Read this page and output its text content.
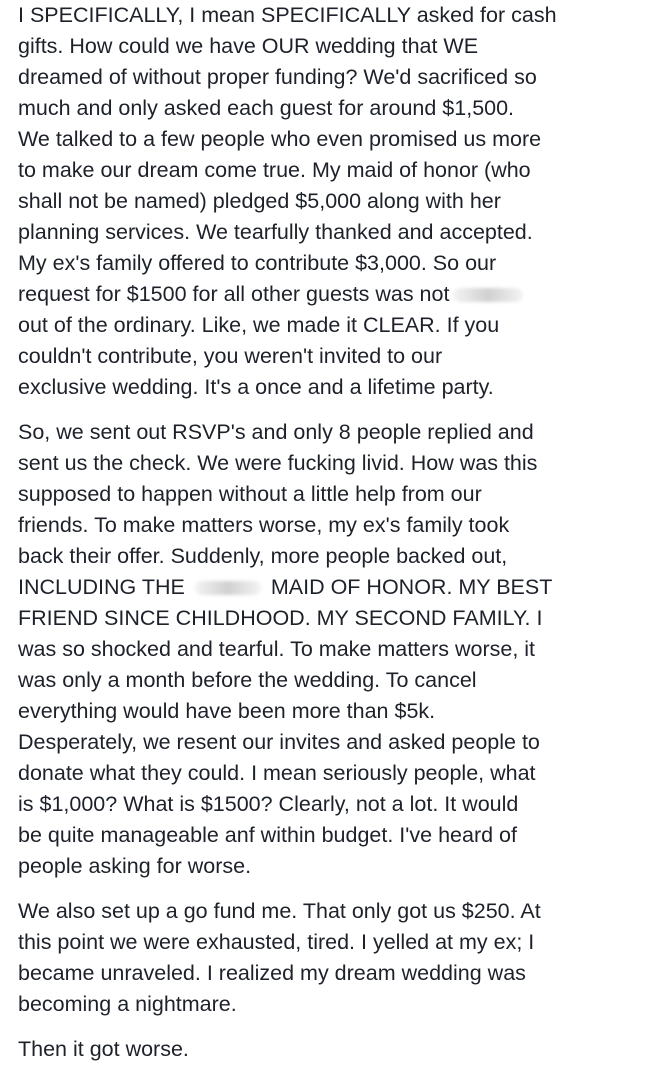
I SPECIFICALLY, I mean SPECIFICALLY asked for cash
gifts. How could we have OUR wedding that WE
dreamed of without proper funding? We'd sacrificed so
much and only asked each guest for around $1,500.
We talked to a few people who even promised us more
to make our dream come true. My maid of honor (who
shall not be named) pledged $5,000 along with her
planning services. We tearfully thanked and accepted.
My ex's family offered to contribute $3,000. So our
request for $1500 for all other guests was not
out of the ordinary. Like, we made it CLEAR. If you
couldn't contribute, you weren't invited to our
exclusive wedding. It's a once and a lifetime party.
So, we sent out RSVP's and only 8 people replied and
sent us the check. We were fucking livid. How was this
supposed to happen without a little help from our
friends. To make matters worse, my ex's family took
back their offer. Suddenly, more people backed out,
INCLUDING THE	MAID OF HONOR. MY BEST
FRIEND SINCE CHILDHOOD. MY SECOND FAMILY. I
was so shocked and tearful. To make matters worse, it
was only a month before the wedding. To cancel
everything would have been more than $5k.
Desperately, we resent our invites and asked people to
donate what they could. I mean seriously people, what
is $1,000? What is $1500? Clearly, not a lot. It would
be quite manageable anf within budget. I've heard of
people asking for worse.
We also set up a go fund me. That only got us $250. At
this point we were exhausted, tired. I yelled at my ex; I
became unraveled. I realized my dream wedding was
becoming a nightmare.
Then it got worse.
